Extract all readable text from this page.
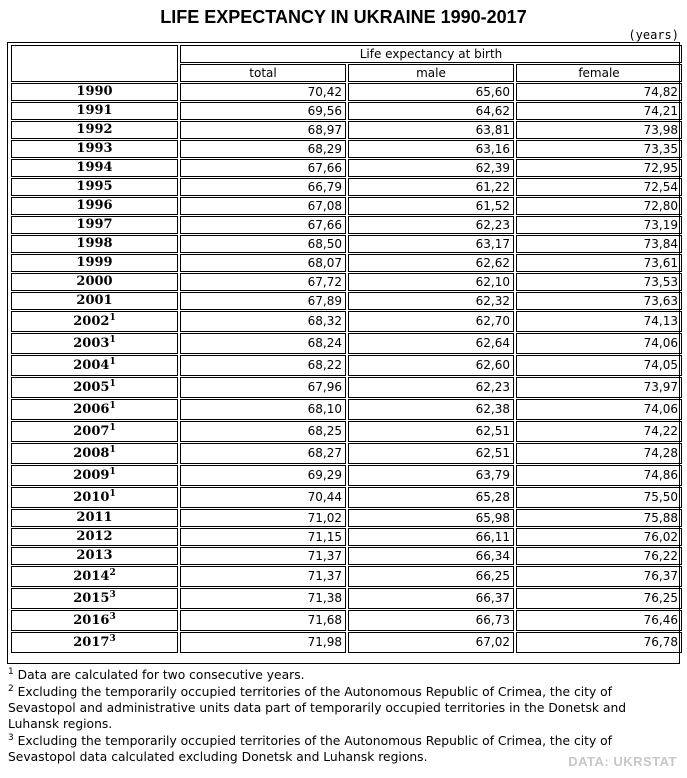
LIFE EXPECTANCY IN UKRAINE 1990-2017
(years)
	Life expectancy at birth		
	total	male	female
1990	70,42	65,60	74,82
1991	69,56	64,62	74,21
1992	68,97	63,81	73,98
1993	68,29	63,16	73,35
1994	67,66	62,39	72,95
1995	66,79	61,22	72,54
1996	67,08	61,52	72,80
1997	67,66	62,23	73,19
1998	68,50	63,17	73,84
1999	68,07	62,62	73,61
2000	67,72	62,10	73,53
2001	67,89	62,32	73,63
2002$^1$	68,32	62,70	74,13
2003$^1$	68,24	62,64	74,06
2004$^1$	68,22	62,60	74,05
2005$^1$	67,96	62,23	73,97
2006$^1$	68,10	62,38	74,06
2007$^1$	68,25	62,51	74,22
2008$^1$	68,27	62,51	74,28
2009$^1$	69,29	63,79	74,86
2010$^1$	70,44	65,28	75,50
2011	71,02	65,98	75,88
2012	71,15	66,11	76,02
2013	71,37	66,34	76,22
2014$^2$	71,37	66,25	76,37
2015$^3$	71,38	66,37	76,25
2016$^3$	71,68	66,73	76,46
2017$^3$	71,98	67,02	76,78

$^1$ Data are calculated for two consecutive years.

$^2$ Excluding the temporarily occupied territories of the Autonomous Republic of Crimea, the city of Sevastopol and administrative units data part of temporarily occupied territories in the Donetsk and Luhansk regions.

$^3$ Excluding the temporarily occupied territories of the Autonomous Republic of Crimea, the city of Sevastopol data calculated excluding Donetsk and Luhansk regions.	DATA: UKRSTAT
